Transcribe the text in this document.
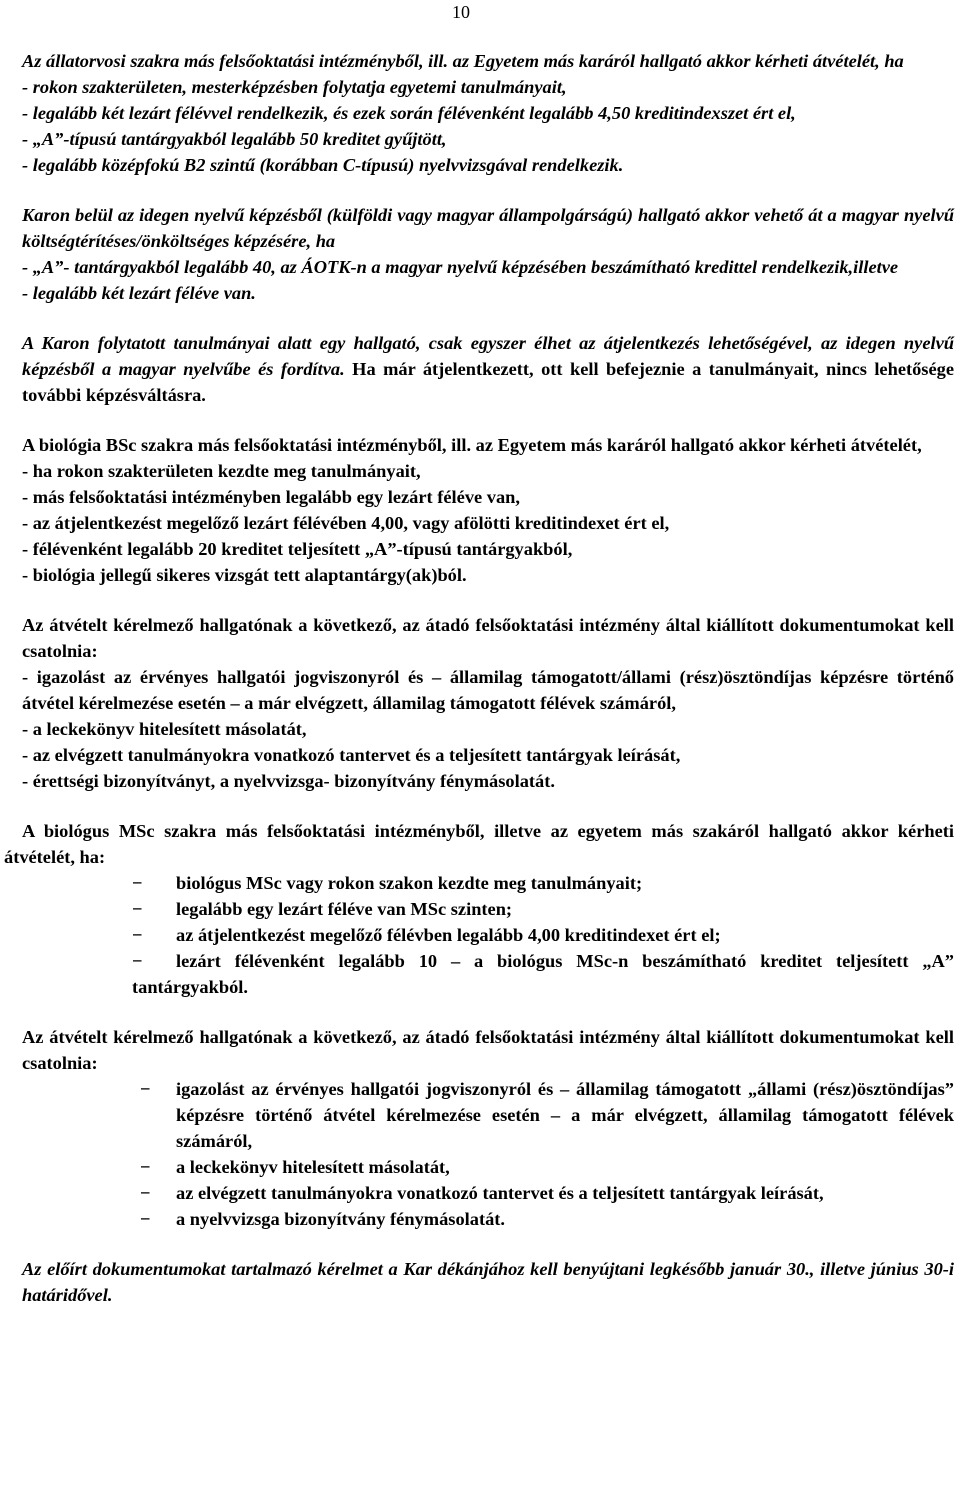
10
Az állatorvosi szakra más felsőoktatási intézményből, ill. az Egyetem más karáról hallgató akkor kérheti átvételét, ha
- rokon szakterületen, mesterképzésben folytatja egyetemi tanulmányait,
- legalább két lezárt félévvel rendelkezik, és ezek során félévenként legalább 4,50 kreditindexszet ért el,
- „A”-típusú tantárgyakból legalább 50 kreditet gyűjtött,
- legalább középfokú B2 szintű (korábban C-típusú) nyelvvizsgával rendelkezik.
Karon belül az idegen nyelvű képzésből (külföldi vagy magyar állampolgárságú) hallgató akkor vehető át a magyar nyelvű költségtérítéses/önköltséges képzésére, ha
- „A”- tantárgyakból legalább 40, az ÁOTK-n a magyar nyelvű képzésében beszámítható kredittel rendelkezik,illetve
- legalább két lezárt féléve van.
A Karon folytatott tanulmányai alatt egy hallgató, csak egyszer élhet az átjelentkezés lehetőségével, az idegen nyelvű képzésből a magyar nyelvűbe és fordítva. Ha már átjelentkezett, ott kell befejeznie a tanulmányait, nincs lehetősége további képzésváltásra.
A biológia BSc szakra más felsőoktatási intézményből, ill. az Egyetem más karáról hallgató akkor kérheti átvételét,
- ha rokon szakterületen kezdte meg tanulmányait,
- más felsőoktatási intézményben legalább egy lezárt féléve van,
- az átjelentkezést megelőző lezárt félévében 4,00, vagy afölötti kreditindexet ért el,
- félévenként legalább 20 kreditet teljesített „A”-típusú tantárgyakból,
- biológia jellegű sikeres vizsgát tett alaptantárgy(ak)ból.
Az átvételt kérelmező hallgatónak a következő, az átadó felsőoktatási intézmény által kiállított dokumentumokat kell csatolnia:
- igazolást az érvényes hallgatói jogviszonyról és – államilag támogatott/állami (rész)ösztöndíjas képzésre történő átvétel kérelmezése esetén – a már elvégzett, államilag támogatott félévek számáról,
- a leckekönyv hitelesített másolatát,
- az elvégzett tanulmányokra vonatkozó tantervet és a teljesített tantárgyak leírását,
- érettségi bizonyítványt, a nyelvvizsga- bizonyítvány fénymásolatát.
A biológus MSc szakra más felsőoktatási intézményből, illetve az egyetem más szakáról hallgató akkor kérheti átvételét, ha:
− biológus MSc vagy rokon szakon kezdte meg tanulmányait;
− legalább egy lezárt féléve van MSc szinten;
− az átjelentkezést megelőző félévben legalább 4,00 kreditindexet ért el;
−	lezárt félévenként legalább 10 – a biológus MSc-n beszámítható kreditet teljesített „A” tantárgyakból.
Az átvételt kérelmező hallgatónak a következő, az átadó felsőoktatási intézmény által kiállított dokumentumokat kell csatolnia:
− igazolást az érvényes hallgatói jogviszonyról és – államilag támogatott „állami (rész)ösztöndíjas” képzésre történő átvétel kérelmezése esetén – a már elvégzett, államilag támogatott félévek számáról,
− a leckekönyv hitelesített másolatát,
− az elvégzett tanulmányokra vonatkozó tantervet és a teljesített tantárgyak leírását,
− a nyelvvizsga bizonyítvány fénymásolatát.
Az előírt dokumentumokat tartalmazó kérelmet a Kar dékánjához kell benyújtani legkésőbb január 30., illetve június 30-i határidővel.
